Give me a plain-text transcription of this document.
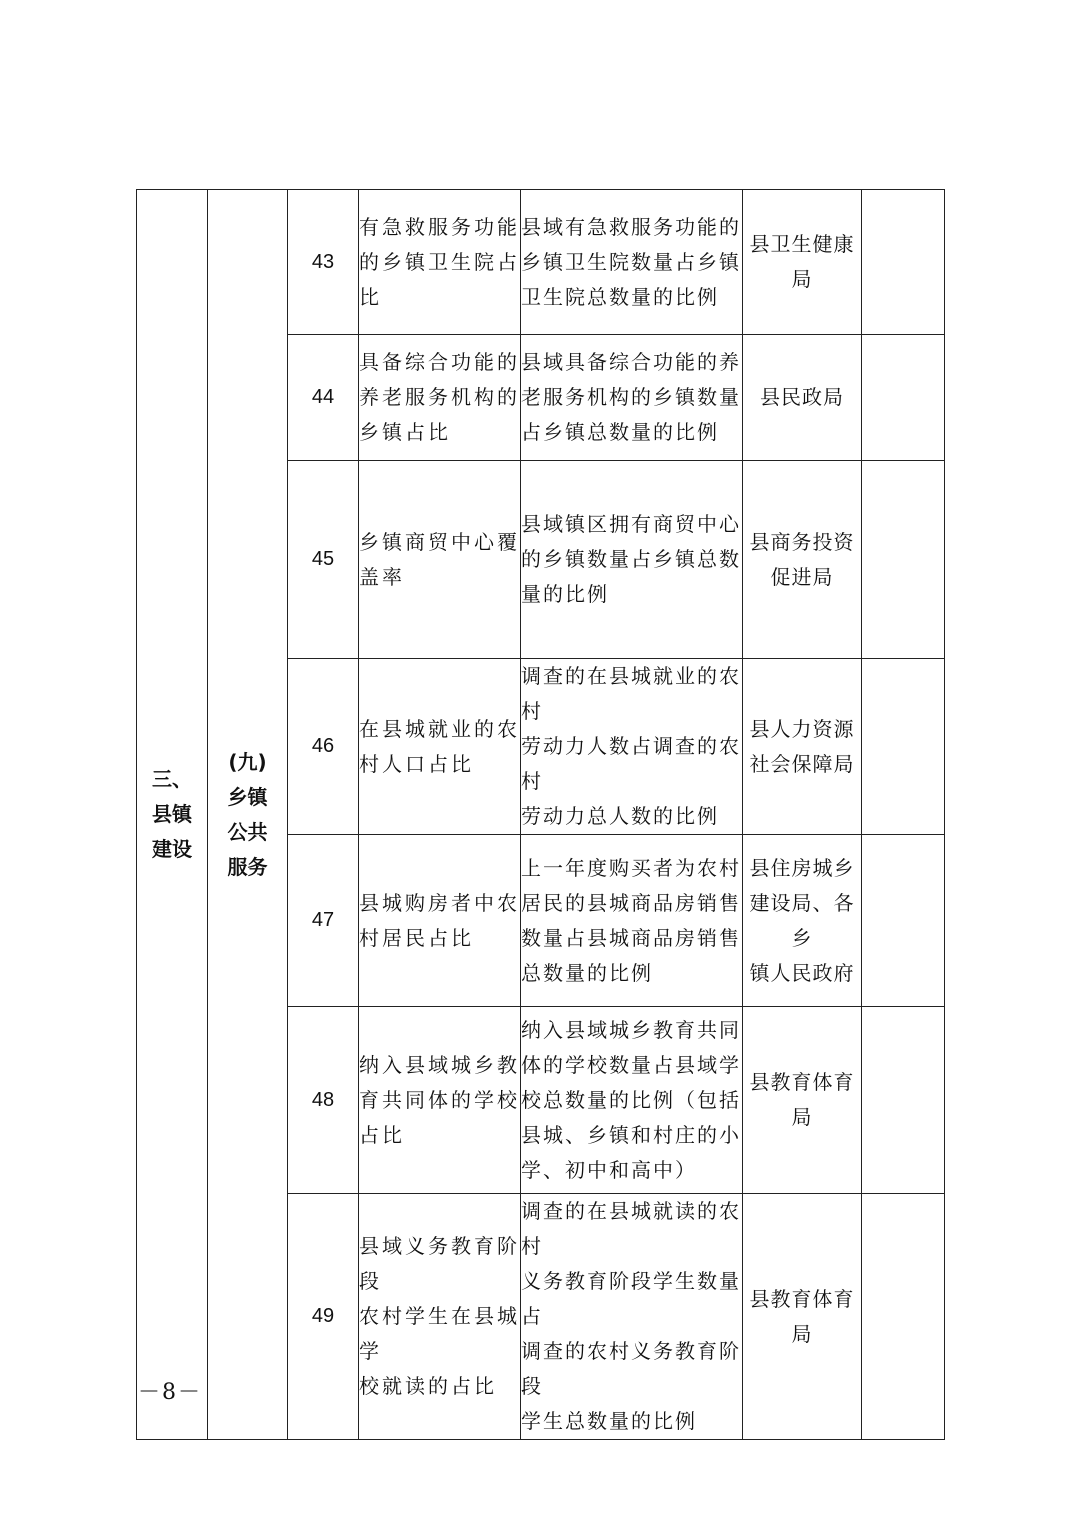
三、
县镇
建设	(九)
乡镇
公共
服务	43	有急救服务功能
的乡镇卫生院占
比	县域有急救服务功能的
乡镇卫生院数量占乡镇
卫生院总数量的比例	县卫生健康局	

		44	具备综合功能的
养老服务机构的
乡镇占比	县域具备综合功能的养
老服务机构的乡镇数量
占乡镇总数量的比例	县民政局	

		45	乡镇商贸中心覆
盖率	县域镇区拥有商贸中心
的乡镇数量占乡镇总数
量的比例	县商务投资
促进局	

		46	在县城就业的农
村人口占比	调查的在县城就业的农村
劳动力人数占调查的农村
劳动力总人数的比例	县人力资源
社会保障局	

		47	县城购房者中农
村居民占比	上一年度购买者为农村
居民的县城商品房销售
数量占县城商品房销售
总数量的比例	县住房城乡
建设局、各乡
镇人民政府	

		48	纳入县域城乡教
育共同体的学校
占比	纳入县域城乡教育共同
体的学校数量占县域学
校总数量的比例（包括
县城、乡镇和村庄的小
学、初中和高中）	县教育体育局	

		49	县域义务教育阶段
农村学生在县城学
校就读的占比	调查的在县城就读的农村
义务教育阶段学生数量占
调查的农村义务教育阶段
学生总数量的比例	县教育体育局	

－8－
